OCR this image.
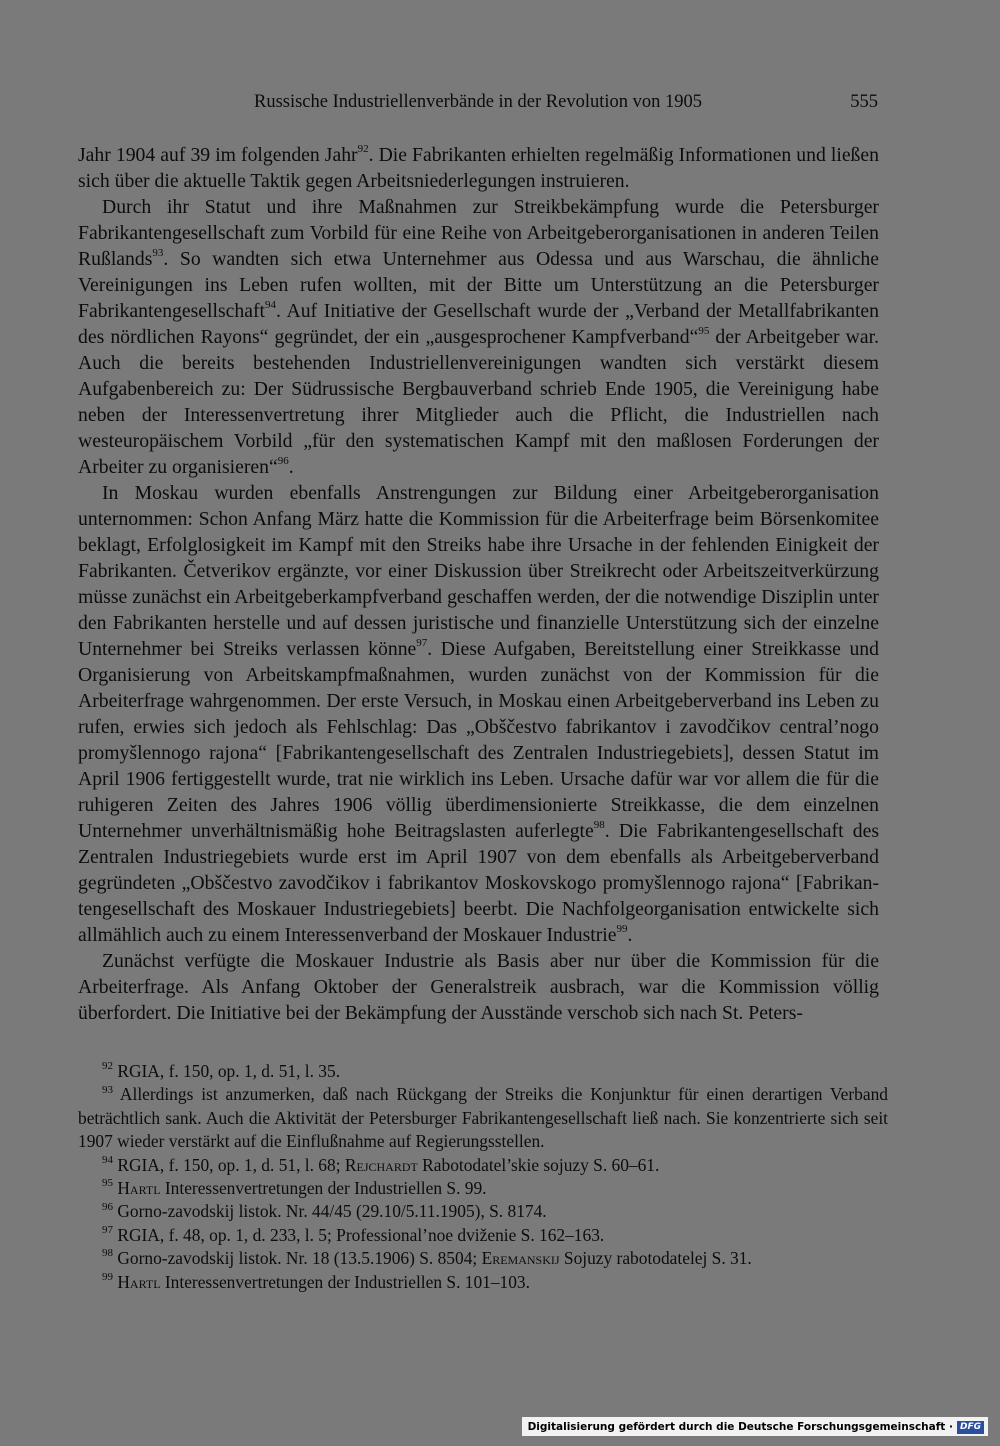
Russische Industriellenverbände in der Revolution von 1905	555

Jahr 1904 auf 39 im folgenden Jahr$^{92}$. Die Fabrikanten erhielten regelmäßig Informationen und ließen sich über die aktuelle Taktik gegen Arbeitsniederlegungen instruieren.

Durch ihr Statut und ihre Maßnahmen zur Streikbekämpfung wurde die Petersburger Fabrikantengesellschaft zum Vorbild für eine Reihe von Arbeitgeberorganisationen in anderen Teilen Rußlands$^{93}$. So wandten sich etwa Unternehmer aus Odessa und aus Warschau, die ähnliche Vereinigungen ins Leben rufen wollten, mit der Bitte um Unterstützung an die Petersburger Fabrikantengesellschaft$^{94}$. Auf Initiative der Gesellschaft wurde der „Verband der Metallfabrikanten des nördlichen Rayons“ gegründet, der ein „ausgesprochener Kampfverband“$^{95}$ der Arbeitgeber war. Auch die bereits bestehenden Industriellenvereinigungen wandten sich verstärkt diesem Aufgabenbereich zu: Der Südrussische Bergbauverband schrieb Ende 1905, die Vereinigung habe neben der Interessenvertretung ihrer Mitglieder auch die Pflicht, die Industriellen nach westeuropäischem Vorbild „für den systematischen Kampf mit den maßlosen Forderungen der Arbeiter zu organisieren“$^{96}$.

In Moskau wurden ebenfalls Anstrengungen zur Bildung einer Arbeitgeberorganisation unternommen: Schon Anfang März hatte die Kommission für die Arbeiterfrage beim Börsenkomitee beklagt, Erfolglosigkeit im Kampf mit den Streiks habe ihre Ursache in der fehlenden Einigkeit der Fabrikanten. Četverikov ergänzte, vor einer Diskussion über Streikrecht oder Arbeitszeitverkürzung müsse zunächst ein Arbeitgeberkampfverband geschaffen werden, der die notwendige Disziplin unter den Fabrikanten herstelle und auf dessen juristische und finanzielle Unterstützung sich der einzelne Unternehmer bei Streiks verlassen könne$^{97}$. Diese Aufgaben, Bereitstellung einer Streikkasse und Organisierung von Arbeitskampfmaßnahmen, wurden zunächst von der Kommission für die Arbeiterfrage wahrgenommen. Der erste Versuch, in Moskau einen Arbeitgeberverband ins Leben zu rufen, erwies sich jedoch als Fehlschlag: Das „Obščestvo fabrikantov i zavodčikov central’nogo promyšlennogo rajona“ [Fabrikantengesellschaft des Zentralen Industriegebiets], dessen Statut im April 1906 fertiggestellt wurde, trat nie wirklich ins Leben. Ursache dafür war vor allem die für die ruhigeren Zeiten des Jahres 1906 völlig überdimensionierte Streikkasse, die dem einzelnen Unternehmer unverhältnismäßig hohe Beitragslasten auferlegte$^{98}$. Die Fabrikantengesellschaft des Zentralen Industriegebiets wurde erst im April 1907 von dem ebenfalls als Arbeitgeberverband gegründeten „Obščestvo zavodčikov i fabrikantov Moskovskogo promyšlennogo rajona“ [Fabrikantengesellschaft des Moskauer Industriegebiets] beerbt. Die Nachfolgeorganisation entwickelte sich allmählich auch zu einem Interessenverband der Moskauer Industrie$^{99}$.

Zunächst verfügte die Moskauer Industrie als Basis aber nur über die Kommission für die Arbeiterfrage. Als Anfang Oktober der Generalstreik ausbrach, war die Kommission völlig überfordert. Die Initiative bei der Bekämpfung der Ausstände verschob sich nach St. Peters-

$^{92}$ RGIA, f. 150, op. 1, d. 51, l. 35.

$^{93}$ Allerdings ist anzumerken, daß nach Rückgang der Streiks die Konjunktur für einen derartigen Verband beträchtlich sank. Auch die Aktivität der Petersburger Fabrikantengesellschaft ließ nach. Sie konzentrierte sich seit 1907 wieder verstärkt auf die Einflußnahme auf Regierungsstellen.

$^{94}$ RGIA, f. 150, op. 1, d. 51, l. 68; Rejchardt Rabotodatel’skie sojuzy S. 60–61.

$^{95}$ Hartl Interessenvertretungen der Industriellen S. 99.

$^{96}$ Gorno-zavodskij listok. Nr. 44/45 (29.10/5.11.1905), S. 8174.

$^{97}$ RGIA, f. 48, op. 1, d. 233, l. 5; Professional’noe dviženie S. 162–163.

$^{98}$ Gorno-zavodskij listok. Nr. 18 (13.5.1906) S. 8504; Eremanskij Sojuzy rabotodatelej S. 31.

$^{99}$ Hartl Interessenvertretungen der Industriellen S. 101–103.

Digitalisierung gefördert durch die Deutsche Forschungsgemeinschaft · DFG
